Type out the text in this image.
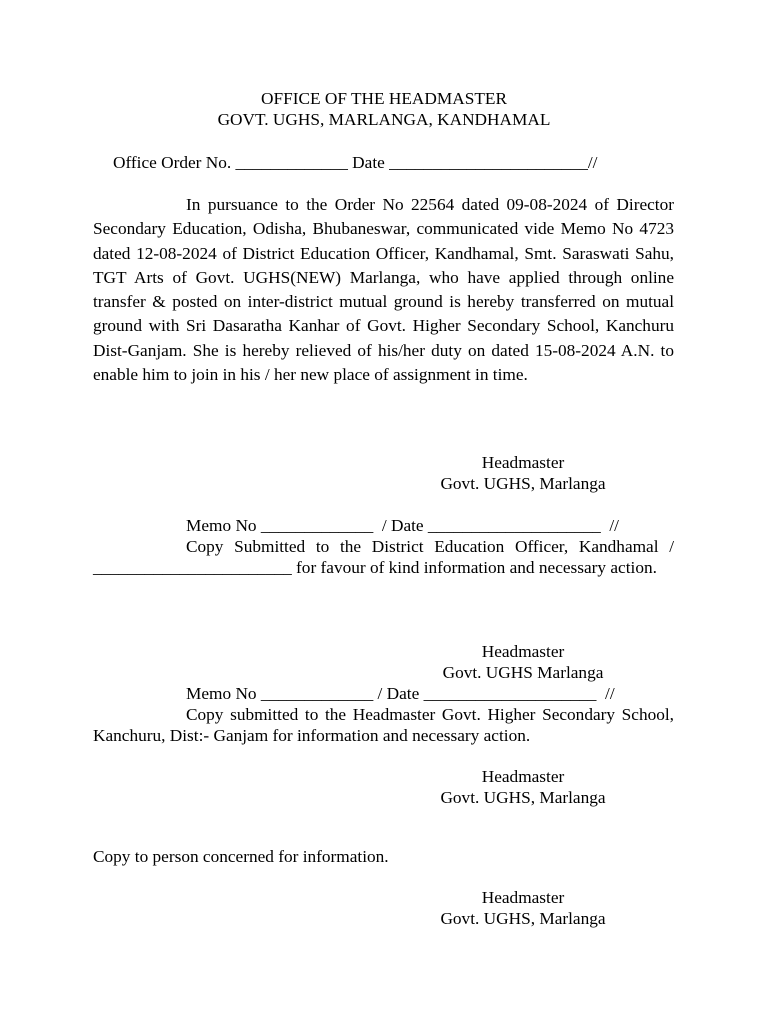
OFFICE OF THE HEADMASTER
GOVT. UGHS, MARLANGA, KANDHAMAL
Office Order No. _____________ Date _______________________//
In pursuance to the Order No 22564 dated 09-08-2024 of Director Secondary Education, Odisha, Bhubaneswar, communicated vide Memo No 4723 dated 12-08-2024 of District Education Officer, Kandhamal, Smt. Saraswati Sahu, TGT Arts of Govt. UGHS(NEW) Marlanga, who have applied through online transfer & posted on inter-district mutual ground is hereby transferred on mutual ground with Sri Dasaratha Kanhar of Govt. Higher Secondary School, Kanchuru Dist-Ganjam. She is hereby relieved of his/her duty on dated 15-08-2024 A.N. to enable him to join in his / her new place of assignment in time.
Headmaster
Govt. UGHS, Marlanga
Memo No _____________  / Date ____________________  //
Copy Submitted to the District Education Officer, Kandhamal / _______________________ for favour of kind information and necessary action.
Headmaster
Govt. UGHS Marlanga
Memo No _____________ / Date ____________________  //
Copy submitted to the Headmaster Govt. Higher Secondary School, Kanchuru, Dist:- Ganjam for information and necessary action.
Headmaster
Govt. UGHS, Marlanga
Copy to person concerned for information.
Headmaster
Govt. UGHS, Marlanga
